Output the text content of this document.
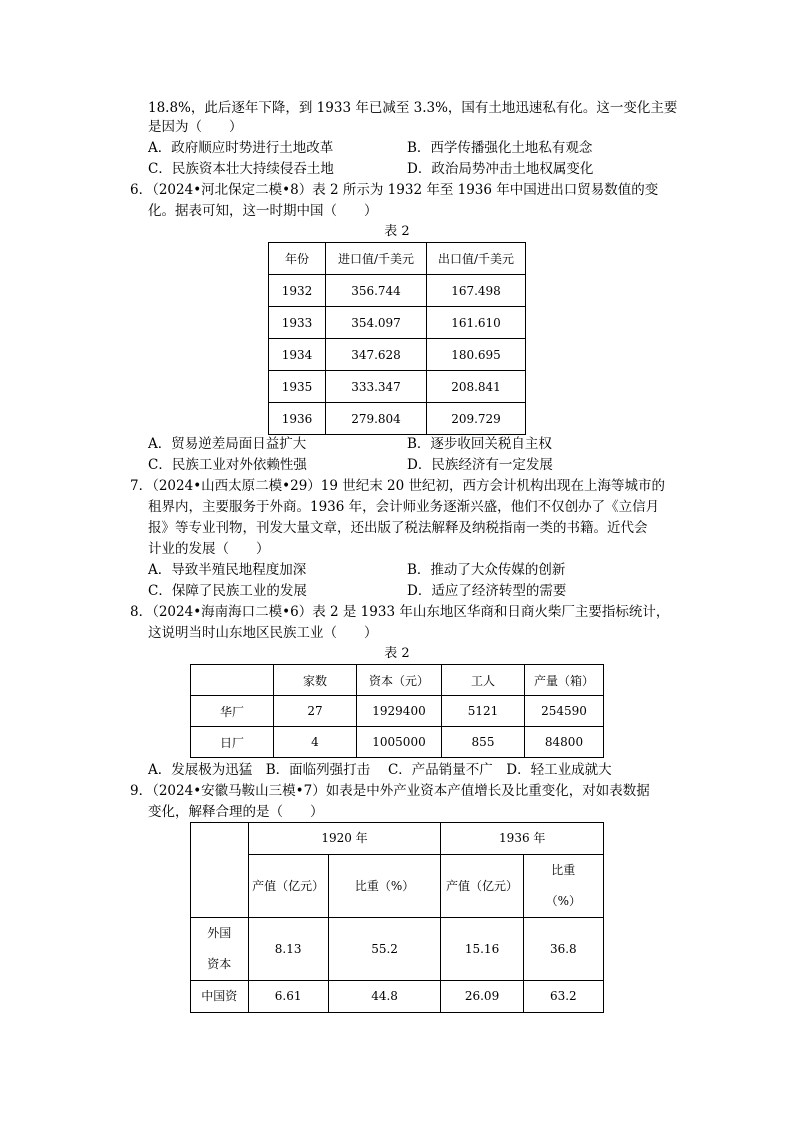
18.8%，此后逐年下降，到 1933 年已减至 3.3%，国有土地迅速私有化。这一变化主要
是因为（　　）
A．政府顺应时势进行土地改革	B．西学传播强化土地私有观念
C．民族资本壮大持续侵吞土地	D．政治局势冲击土地权属变化
6．（2024•河北保定二模•8）表 2 所示为 1932 年至 1936 年中国进出口贸易数值的变
化。据表可知，这一时期中国（　　）
表 2
年份	进口值/千美元	出口值/千美元
1932	356.744	167.498
1933	354.097	161.610
1934	347.628	180.695
1935	333.347	208.841
1936	279.804	209.729
A．贸易逆差局面日益扩大	B．逐步收回关税自主权
C．民族工业对外依赖性强	D．民族经济有一定发展
7．（2024•山西太原二模•29）19 世纪末 20 世纪初，西方会计机构出现在上海等城市的
租界内，主要服务于外商。1936 年，会计师业务逐渐兴盛，他们不仅创办了《立信月
报》等专业刊物，刊发大量文章，还出版了税法解释及纳税指南一类的书籍。近代会
计业的发展（　　）
A．导致半殖民地程度加深	B．推动了大众传媒的创新
C．保障了民族工业的发展	D．适应了经济转型的需要
8．（2024•海南海口二模•6）表 2 是 1933 年山东地区华商和日商火柴厂主要指标统计，
这说明当时山东地区民族工业（　　）
表 2
	家数	资本（元）	工人	产量（箱）
华厂	27	1929400	5121	254590
日厂	4	1005000	855	84800
A．发展极为迅猛　B．面临列强打击　 C．产品销量不广　D．轻工业成就大
9．（2024•安徽马鞍山三模•7）如表是中外产业资本产值增长及比重变化，对如表数据
变化，解释合理的是（　　）
	1920 年		1936 年	
	产值（亿元）	比重（%）	产值（亿元）	比重（%）
外国资本	8.13	55.2	15.16	36.8
中国资	6.61	44.8	26.09	63.2
